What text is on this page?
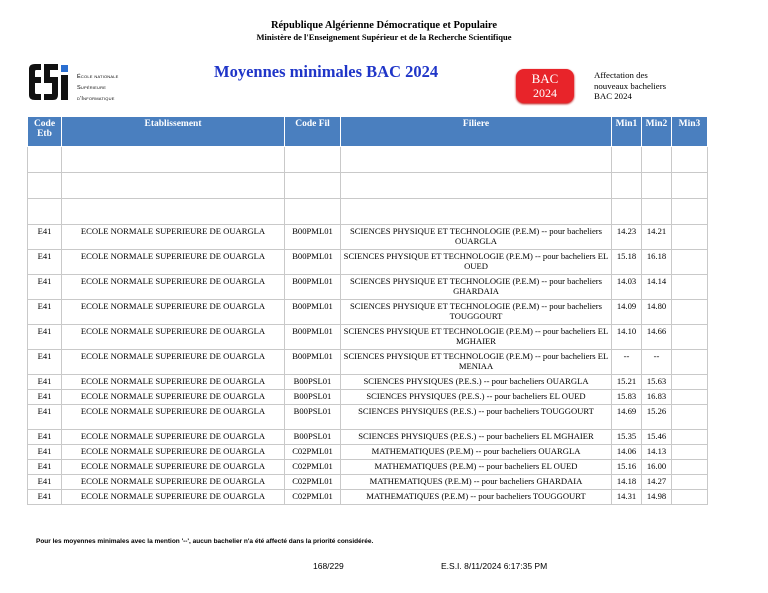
République Algérienne Démocratique et Populaire
Ministère de l'Enseignement Supérieur et de la Recherche Scientifique
École nationale
Supérieure
d'Informatique
Moyennes minimales BAC 2024	BAC
2024
Affectation des
nouveaux bacheliers
BAC 2024
Code Etb	Etablissement	Code Fil	Filiere	Min1	Min2	Min3

E41	ECOLE NORMALE SUPERIEURE DE OUARGLA	B00PML01	SCIENCES PHYSIQUE ET TECHNOLOGIE (P.E.M) -- pour bacheliers OUARGLA	14.23	14.21	
E41	ECOLE NORMALE SUPERIEURE DE OUARGLA	B00PML01	SCIENCES PHYSIQUE ET TECHNOLOGIE (P.E.M) -- pour bacheliers EL OUED	15.18	16.18	
E41	ECOLE NORMALE SUPERIEURE DE OUARGLA	B00PML01	SCIENCES PHYSIQUE ET TECHNOLOGIE (P.E.M) -- pour bacheliers GHARDAIA	14.03	14.14	
E41	ECOLE NORMALE SUPERIEURE DE OUARGLA	B00PML01	SCIENCES PHYSIQUE ET TECHNOLOGIE (P.E.M) -- pour bacheliers TOUGGOURT	14.09	14.80	
E41	ECOLE NORMALE SUPERIEURE DE OUARGLA	B00PML01	SCIENCES PHYSIQUE ET TECHNOLOGIE (P.E.M) -- pour bacheliers EL MGHAIER	14.10	14.66	
E41	ECOLE NORMALE SUPERIEURE DE OUARGLA	B00PML01	SCIENCES PHYSIQUE ET TECHNOLOGIE (P.E.M) -- pour bacheliers EL MENIAA	--	--	
E41	ECOLE NORMALE SUPERIEURE DE OUARGLA	B00PSL01	SCIENCES PHYSIQUES (P.E.S.) -- pour bacheliers OUARGLA	15.21	15.63	
E41	ECOLE NORMALE SUPERIEURE DE OUARGLA	B00PSL01	SCIENCES PHYSIQUES (P.E.S.) -- pour bacheliers EL OUED	15.83	16.83	
E41	ECOLE NORMALE SUPERIEURE DE OUARGLA	B00PSL01	SCIENCES PHYSIQUES (P.E.S.) -- pour bacheliers TOUGGOURT	14.69	15.26	
E41	ECOLE NORMALE SUPERIEURE DE OUARGLA	B00PSL01	SCIENCES PHYSIQUES (P.E.S.) -- pour bacheliers EL MGHAIER	15.35	15.46	
E41	ECOLE NORMALE SUPERIEURE DE OUARGLA	C02PML01	MATHEMATIQUES (P.E.M) -- pour bacheliers OUARGLA	14.06	14.13	
E41	ECOLE NORMALE SUPERIEURE DE OUARGLA	C02PML01	MATHEMATIQUES (P.E.M) -- pour bacheliers EL OUED	15.16	16.00	
E41	ECOLE NORMALE SUPERIEURE DE OUARGLA	C02PML01	MATHEMATIQUES (P.E.M) -- pour bacheliers GHARDAIA	14.18	14.27	
E41	ECOLE NORMALE SUPERIEURE DE OUARGLA	C02PML01	MATHEMATIQUES (P.E.M) -- pour bacheliers TOUGGOURT	14.31	14.98	
Pour les moyennes minimales avec la mention '--', aucun bachelier n'a été affecté dans la priorité considérée.
168/229	E.S.I. 8/11/2024 6:17:35 PM
